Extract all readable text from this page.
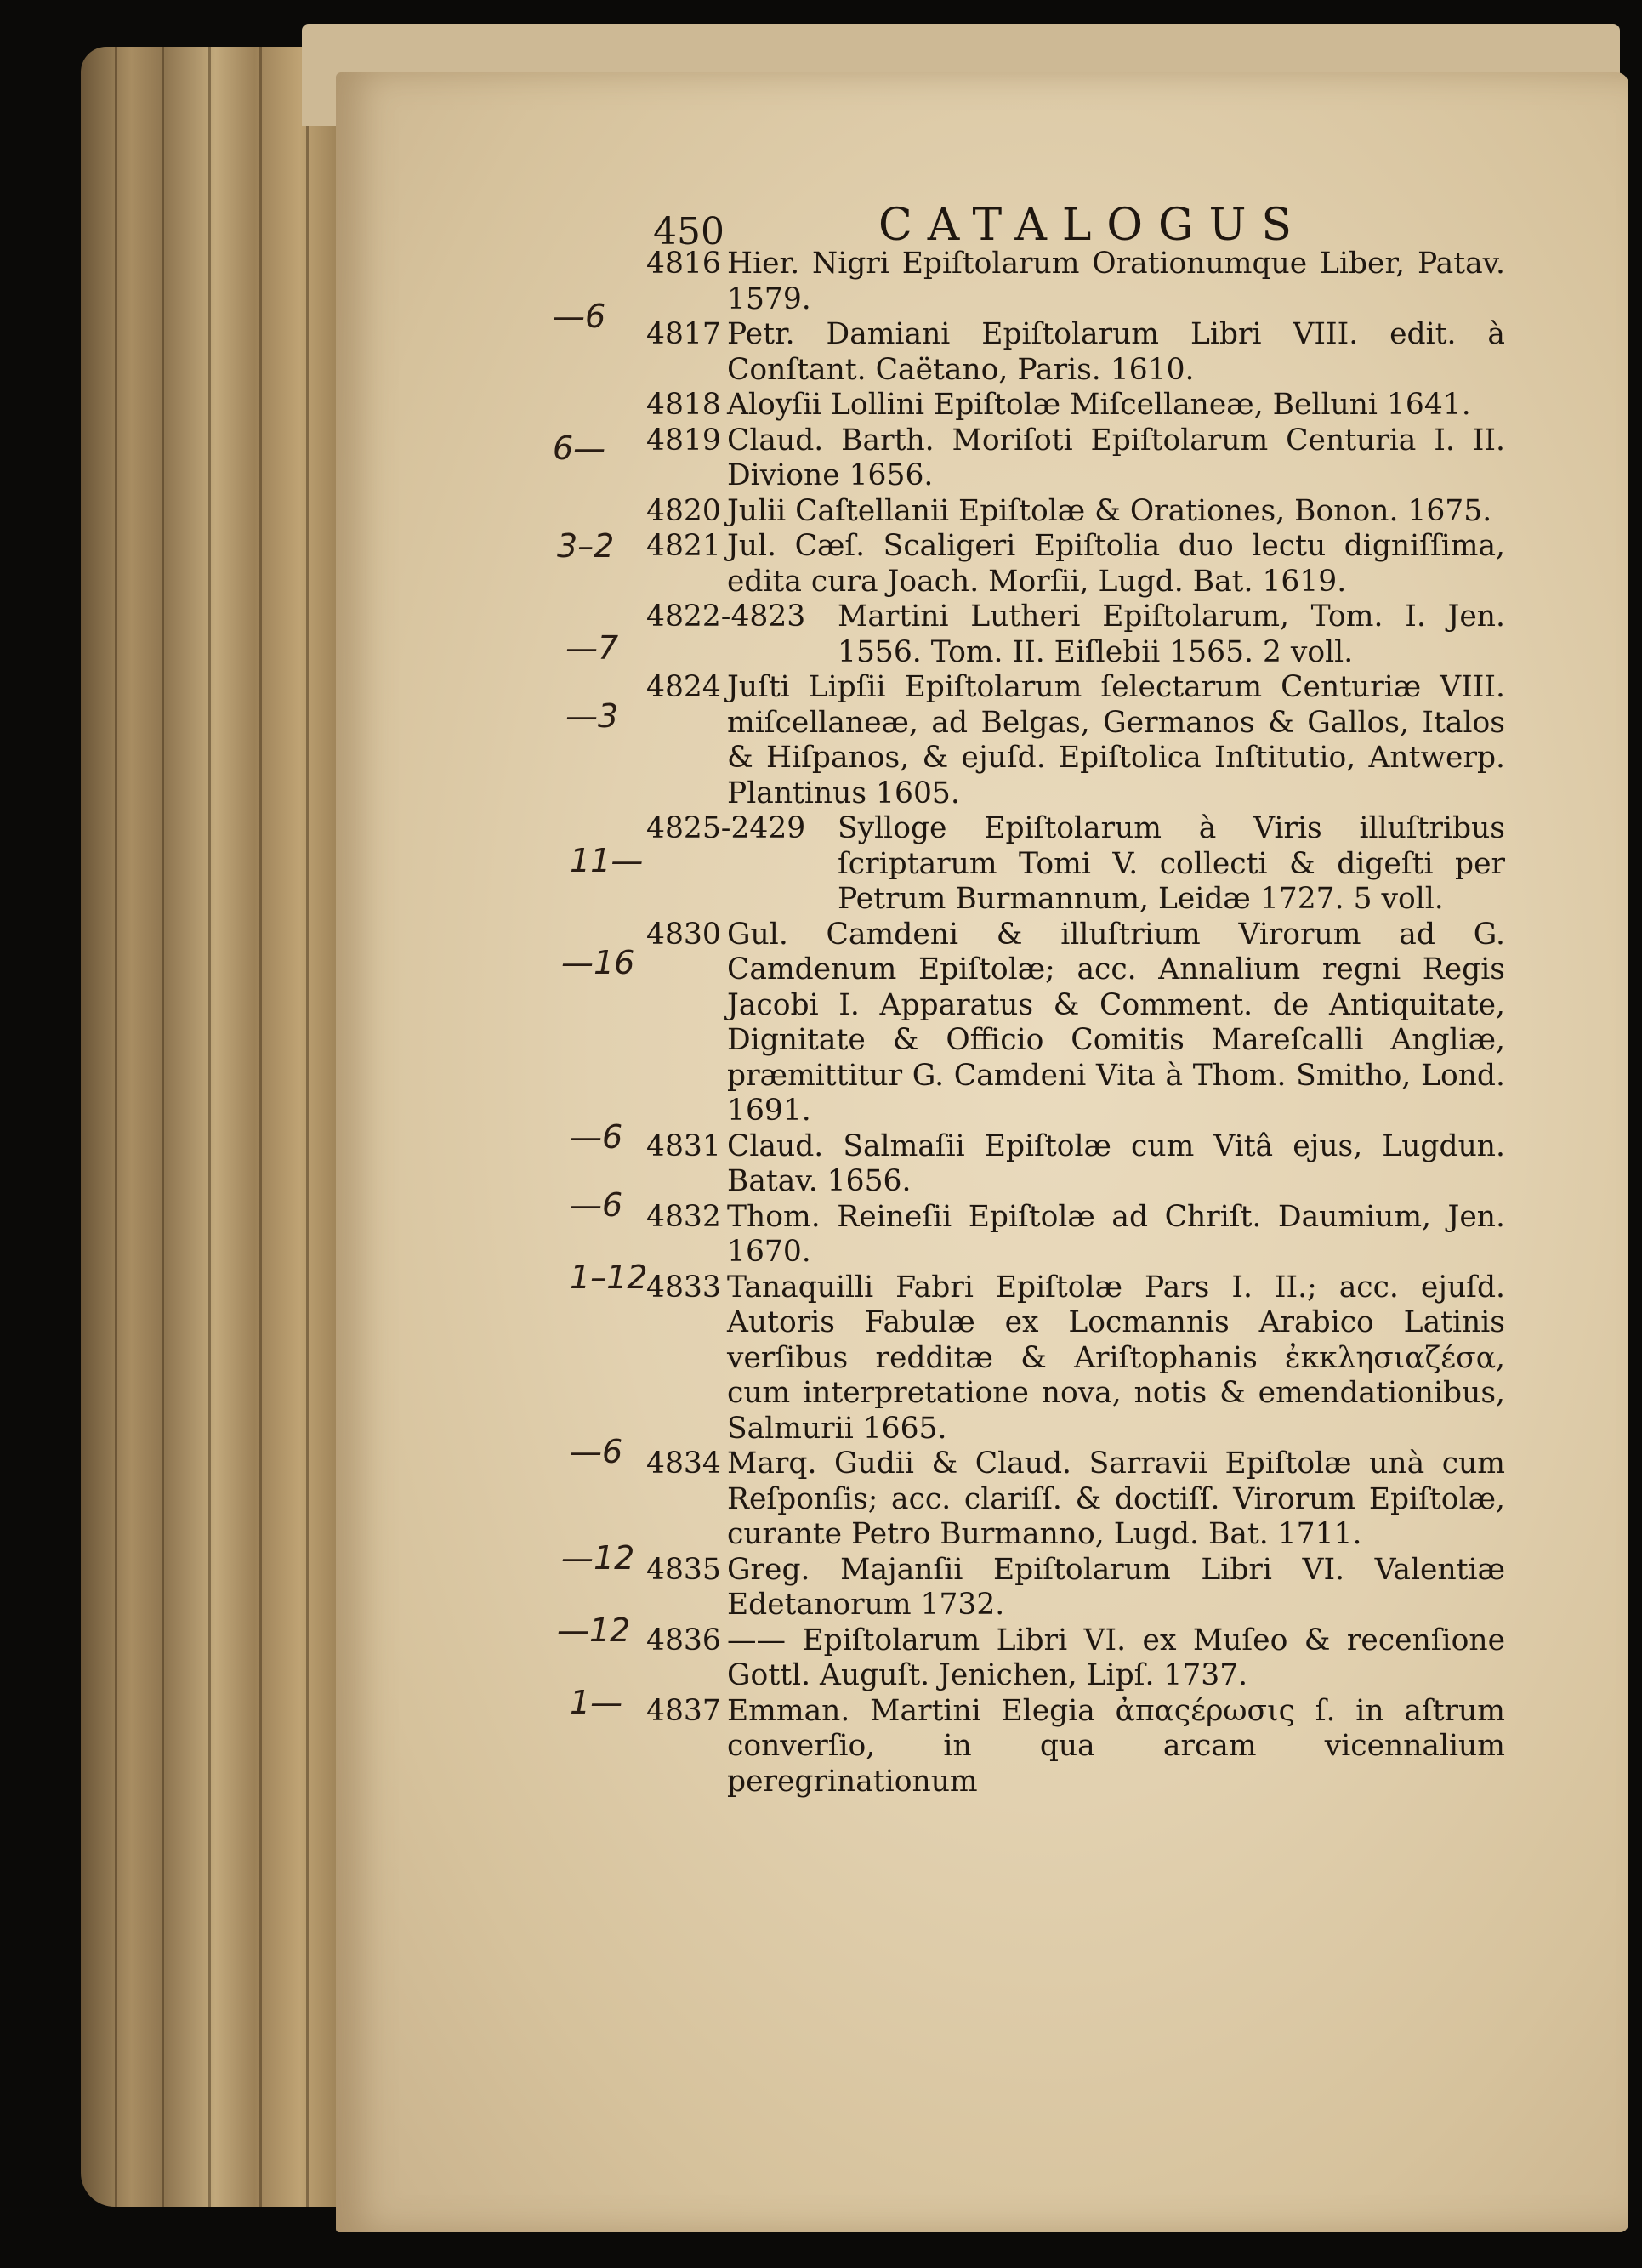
450	CATALOGUS
4816 Hier. Nigri Epiſtolarum Orationumque Liber, Patav. 1579.
4817 Petr. Damiani Epiſtolarum Libri VIII. edit. à Conſtant. Caëtano, Paris. 1610.
4818 Aloyſii Lollini Epiſtolæ Miſcellaneæ, Belluni 1641.
4819 Claud. Barth. Moriſoti Epiſtolarum Centuria I. II. Divione 1656.
4820 Julii Caſtellanii Epiſtolæ & Orationes, Bonon. 1675.
4821 Jul. Cæſ. Scaligeri Epiſtolia duo lectu digniſſima, edita cura Joach. Morſii, Lugd. Bat. 1619.
4822-4823 Martini Lutheri Epiſtolarum, Tom. I. Jen. 1556. Tom. II. Eiſlebii 1565. 2 voll.
4824 Juſti Lipſii Epiſtolarum ſelectarum Centuriæ VIII. miſcellaneæ, ad Belgas, Germanos & Gallos, Italos & Hiſpanos, & ejuſd. Epiſtolica Inſtitutio, Antwerp. Plantinus 1605.
4825-2429 Sylloge Epiſtolarum à Viris illuſtribus ſcriptarum Tomi V. collecti & digeſti per Petrum Burmannum, Leidæ 1727. 5 voll.
4830 Gul. Camdeni & illuſtrium Virorum ad G. Camdenum Epiſtolæ; acc. Annalium regni Regis Jacobi I. Apparatus & Comment. de Antiquitate, Dignitate & Officio Comitis Mareſcalli Angliæ, præmittitur G. Camdeni Vita à Thom. Smitho, Lond. 1691.
4831 Claud. Salmaſii Epiſtolæ cum Vitâ ejus, Lugdun. Batav. 1656.
4832 Thom. Reineſii Epiſtolæ ad Chriſt. Daumium, Jen. 1670.
4833 Tanaquilli Fabri Epiſtolæ Pars I. II.; acc. ejuſd. Autoris Fabulæ ex Locmannis Arabico Latinis verſibus redditæ & Ariſtophanis ἐκκλησιαζέσα, cum interpretatione nova, notis & emendationibus, Salmurii 1665.
4834 Marq. Gudii & Claud. Sarravii Epiſtolæ unà cum Reſponſis; acc. clariſſ. & doctiſſ. Virorum Epiſtolæ, curante Petro Burmanno, Lugd. Bat. 1711.
4835 Greg. Majanſii Epiſtolarum Libri VI. Valentiæ Edetanorum 1732.
4836 —— Epiſtolarum Libri VI. ex Muſeo & recenſione Gottl. Auguſt. Jenichen, Lipſ. 1737.
4837 Emman. Martini Elegia ἀπαςέρωσις ſ. in aſtrum converſio, in qua arcam vicennalium peregrinationum
—6
6—
3–2
—7
—3
11—
—16
—6
—6
1–12
—6
—12
—12
1—
